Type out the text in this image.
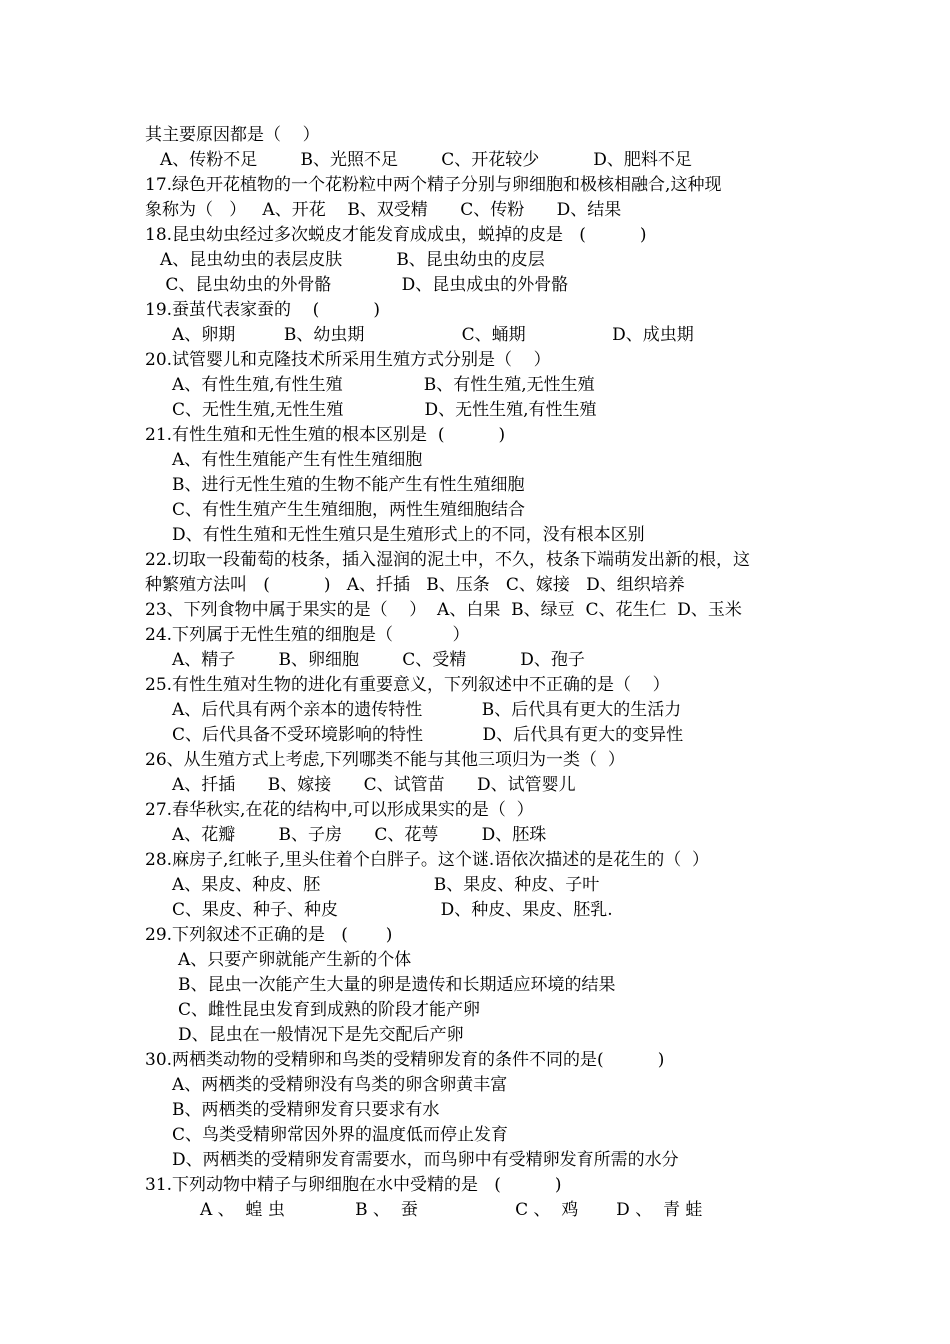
其主要原因都是（    ）
A、传粉不足        B、光照不足        C、开花较少          D、肥料不足
17.绿色开花植物的一个花粉粒中两个精子分别与卵细胞和极核相融合,这种现
象称为（   ）   A、开花    B、双受精      C、传粉      D、结果
18.昆虫幼虫经过多次蜕皮才能发育成成虫，蜕掉的皮是   (          )
A、昆虫幼虫的表层皮肤          B、昆虫幼虫的皮层
C、昆虫幼虫的外骨骼             D、昆虫成虫的外骨骼
19.蚕茧代表家蚕的    (          )
A、卵期         B、幼虫期                  C、蛹期                D、成虫期
20.试管婴儿和克隆技术所采用生殖方式分别是（    ）
A、有性生殖,有性生殖               B、有性生殖,无性生殖
C、无性生殖,无性生殖               D、无性生殖,有性生殖
21.有性生殖和无性生殖的根本区别是  (          )
A、有性生殖能产生有性生殖细胞
B、进行无性生殖的生物不能产生有性生殖细胞
C、有性生殖产生生殖细胞，两性生殖细胞结合
D、有性生殖和无性生殖只是生殖形式上的不同，没有根本区别
22.切取一段葡萄的枝条，插入湿润的泥土中，不久，枝条下端萌发出新的根，这
种繁殖方法叫   (          )   A、扦插   B、压条   C、嫁接   D、组织培养
23、下列食物中属于果实的是（    ）  A、白果  B、绿豆  C、花生仁  D、玉米
24.下列属于无性生殖的细胞是（           ）
A、精子        B、卵细胞        C、受精          D、孢子
25.有性生殖对生物的进化有重要意义，下列叙述中不正确的是（    ）
A、后代具有两个亲本的遗传特性           B、后代具有更大的生活力
C、后代具备不受环境影响的特性           D、后代具有更大的变异性
26、从生殖方式上考虑,下列哪类不能与其他三项归为一类（  ）
A、扦插      B、嫁接      C、试管苗      D、试管婴儿
27.春华秋实,在花的结构中,可以形成果实的是（  ）
A、花瓣        B、子房      C、花萼        D、胚珠
28.麻房子,红帐子,里头住着个白胖子。这个谜.语依次描述的是花生的（  ）
A、果皮、种皮、胚                     B、果皮、种皮、子叶
C、果皮、种子、种皮                   D、种皮、果皮、胚乳.
29.下列叙述不正确的是   (       )
A、只要产卵就能产生新的个体
B、昆虫一次能产生大量的卵是遗传和长期适应环境的结果
C、雌性昆虫发育到成熟的阶段才能产卵
D、昆虫在一般情况下是先交配后产卵
30.两栖类动物的受精卵和鸟类的受精卵发育的条件不同的是(          )
A、两栖类的受精卵没有鸟类的卵含卵黄丰富
B、两栖类的受精卵发育只要求有水
C、鸟类受精卵常因外界的温度低而停止发育
D、两栖类的受精卵发育需要水，而鸟卵中有受精卵发育所需的水分
31.下列动物中精子与卵细胞在水中受精的是   (          )
A 、  蝗 虫             B 、  蚕                  C 、  鸡       D 、  青 蛙
